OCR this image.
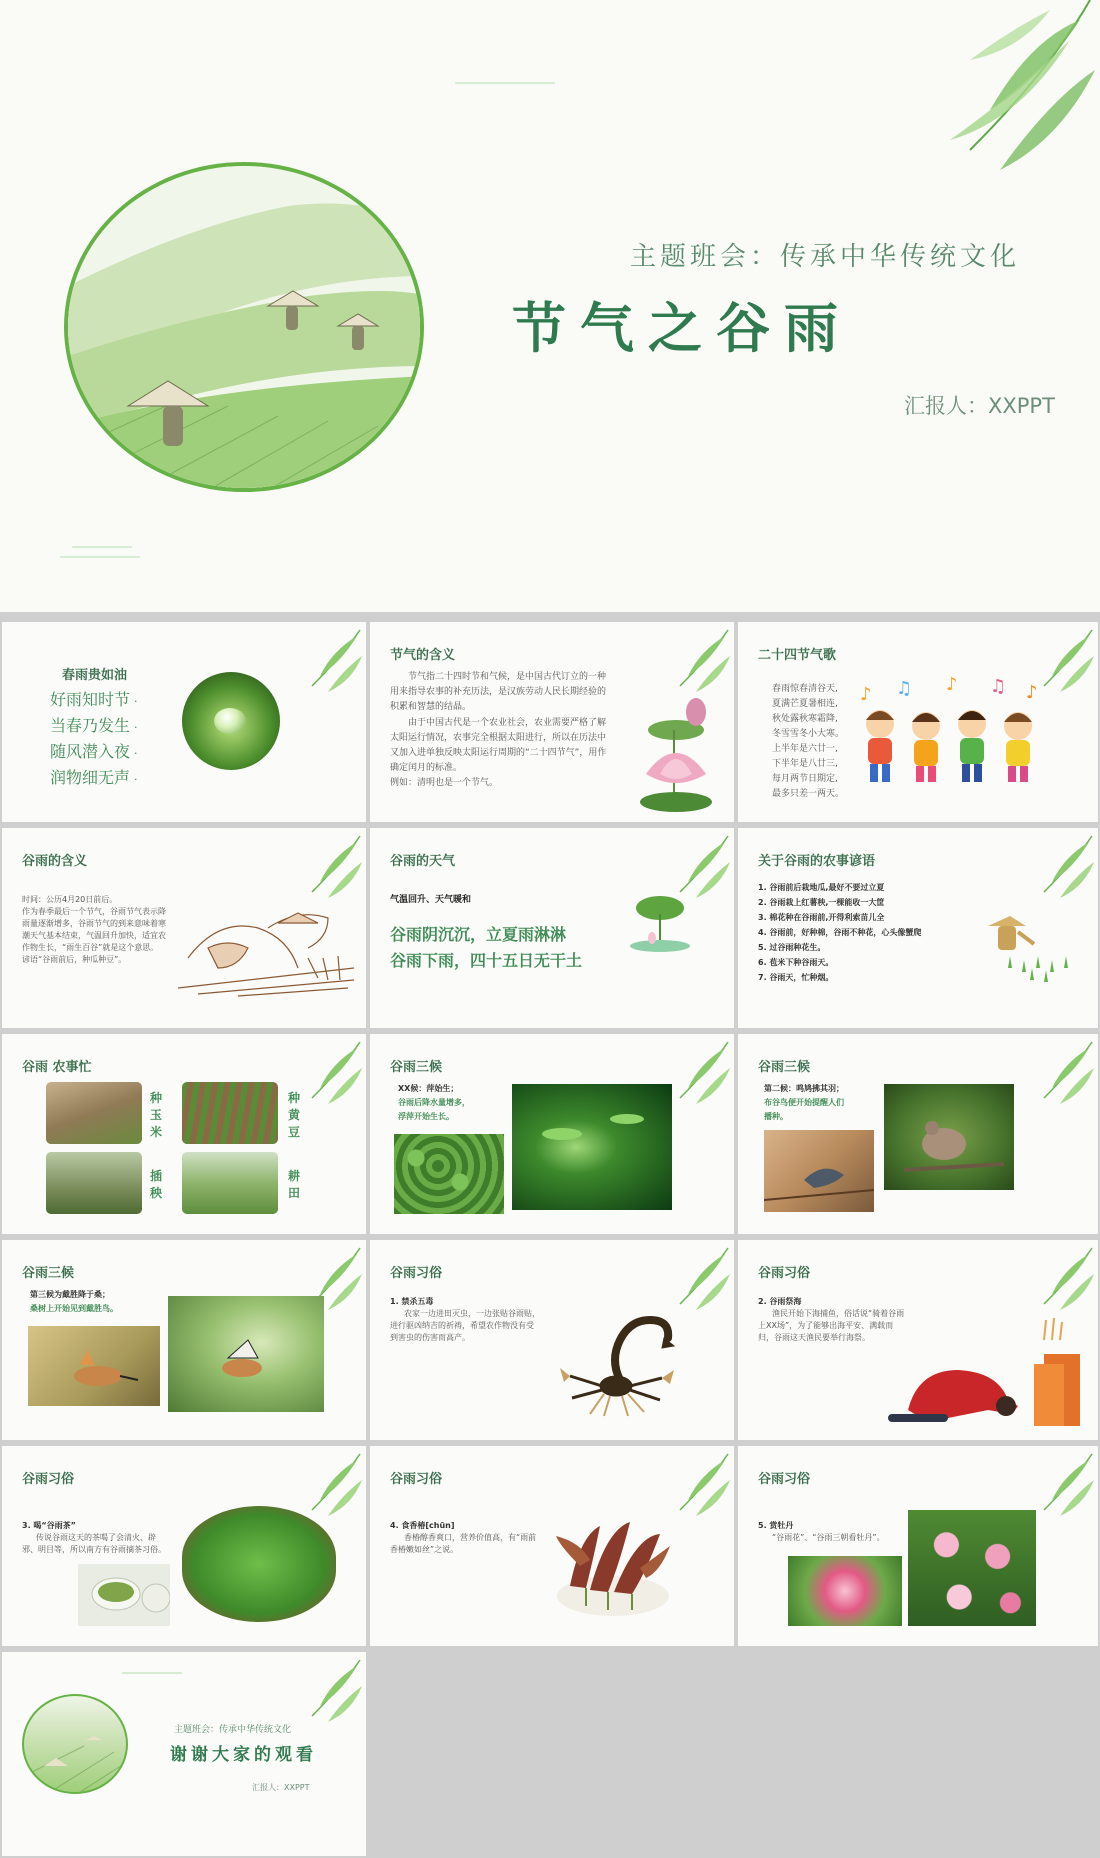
主题班会：传承中华传统文化
节气之谷雨
汇报人：XXPPT
春雨贵如油
好雨知时节 ·
当春乃发生 ·
随风潜入夜 ·
润物细无声 ·
节气的含义
节气指二十四时节和气候，是中国古代订立的一种用来指导农事的补充历法，是汉族劳动人民长期经验的积累和智慧的结晶。
由于中国古代是一个农业社会，农业需要严格了解太阳运行情况，农事完全根据太阳进行，所以在历法中又加入进单独反映太阳运行周期的“二十四节气”，用作确定闰月的标准。
例如：清明也是一个节气。
二十四节气歌
春雨惊春清谷天,
夏满芒夏暑相连,
秋处露秋寒霜降,
冬雪雪冬小大寒。
上半年是六廿一,
下半年是八廿三,
每月两节日期定,
最多只差一两天。
♪ ♫ ♪ ♫ ♪
谷雨的含义
时间：公历4月20日前后。
作为春季最后一个节气，谷雨节气表示降雨量逐渐增多，谷雨节气的到来意味着寒潮天气基本结束，气温回升加快，适宜农作物生长，“雨生百谷”就是这个意思。
谚语“谷雨前后，种瓜种豆”。
谷雨的天气
气温回升、天气暖和
谷雨阴沉沉，立夏雨淋淋
谷雨下雨，四十五日无干土
关于谷雨的农事谚语
1. 谷雨前后栽地瓜,最好不要过立夏
2. 谷雨栽上红薯秧,一棵能收一大筐
3. 棉花种在谷雨前,开得利索苗儿全
4. 谷雨前，好种棉，谷雨不种花，心头像蟹爬
5. 过谷雨种花生。
6. 苞米下种谷雨天。
7. 谷雨天，忙种烟。
谷雨 农事忙
种玉米
种黄豆
插秧
耕田
谷雨三候
XX候：萍始生；
谷雨后降水量增多，
浮萍开始生长。
谷雨三候
第二候：鸣鸠拂其羽；
布谷鸟便开始提醒人们
播种。
谷雨三候
第三候为戴胜降于桑；
桑树上开始见到戴胜鸟。
谷雨习俗
1. 禁杀五毒
农家一边进田灭虫，一边张贴谷雨贴，进行驱凶纳吉的祈祷，希望农作物没有受到害虫的伤害而高产。
谷雨习俗
2. 谷雨祭海
渔民开始下海捕鱼，俗话说“骑着谷雨上XX场”，为了能够出海平安、满载而归，谷雨这天渔民要举行海祭。
谷雨习俗
3. 喝“谷雨茶”
传说谷雨这天的茶喝了会清火、辟邪、明目等，所以南方有谷雨摘茶习俗。
谷雨习俗
4. 食香椿[chūn]
香椿醇香爽口，营养价值高，有“雨前香椿嫩如丝”之说。
谷雨习俗
5. 赏牡丹
“谷雨花”、“谷雨三朝看牡丹”。
主题班会：传承中华传统文化
谢谢大家的观看
汇报人：XXPPT
